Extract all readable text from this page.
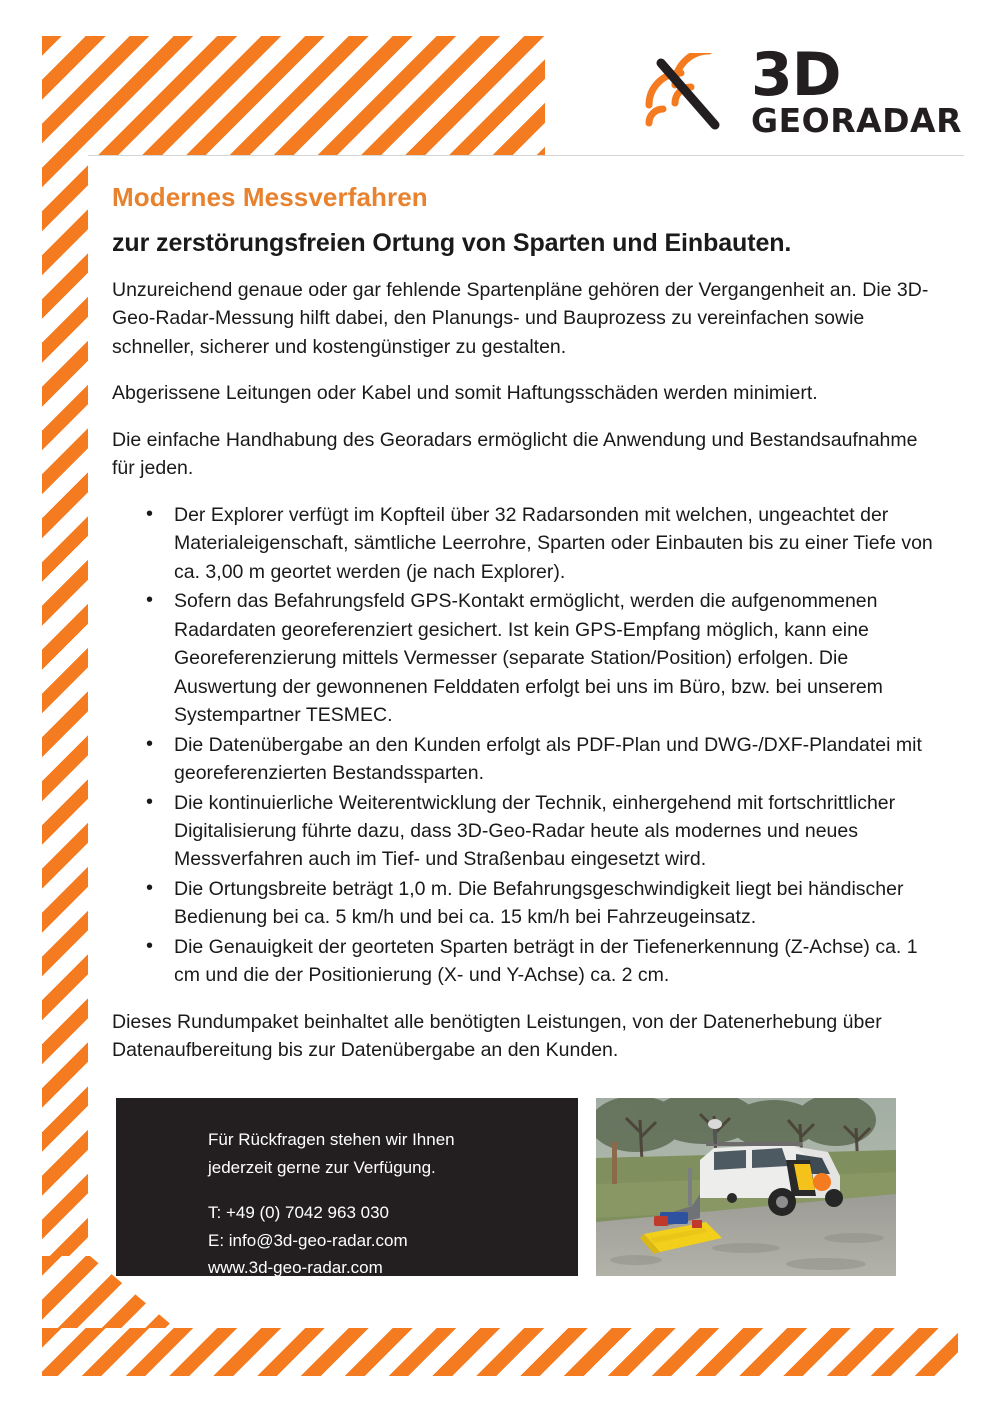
3D
GEORADAR
Modernes Messverfahren
zur zerstörungsfreien Ortung von Sparten und Einbauten.

Unzureichend genaue oder gar fehlende Spartenpläne gehören der Vergangenheit an. Die 3D-Geo-Radar-Messung hilft dabei, den Planungs- und Bauprozess zu vereinfachen sowie schneller, sicherer und kostengünstiger zu gestalten.

Abgerissene Leitungen oder Kabel und somit Haftungsschäden werden minimiert.

Die einfache Handhabung des Georadars ermöglicht die Anwendung und Bestandsaufnahme für jeden.

• Der Explorer verfügt im Kopfteil über 32 Radarsonden mit welchen, ungeachtet der Materialeigenschaft, sämtliche Leerrohre, Sparten oder Einbauten bis zu einer Tiefe von ca. 3,00 m geortet werden (je nach Explorer).
• Sofern das Befahrungsfeld GPS-Kontakt ermöglicht, werden die aufgenommenen Radardaten georeferenziert gesichert. Ist kein GPS-Empfang möglich, kann eine Georeferenzierung mittels Vermesser (separate Station/Position) erfolgen. Die Auswertung der gewonnenen Felddaten erfolgt bei uns im Büro, bzw. bei unserem Systempartner TESMEC.
• Die Datenübergabe an den Kunden erfolgt als PDF-Plan und DWG-/DXF-Plandatei mit georeferenzierten Bestandssparten.
• Die kontinuierliche Weiterentwicklung der Technik, einhergehend mit fortschrittlicher Digitalisierung führte dazu, dass 3D-Geo-Radar heute als modernes und neues Messverfahren auch im Tief- und Straßenbau eingesetzt wird.
• Die Ortungsbreite beträgt 1,0 m. Die Befahrungsgeschwindigkeit liegt bei händischer Bedienung bei ca. 5 km/h und bei ca. 15 km/h bei Fahrzeugeinsatz.
• Die Genauigkeit der georteten Sparten beträgt in der Tiefenerkennung (Z-Achse) ca. 1 cm und die der Positionierung (X- und Y-Achse) ca. 2 cm.

Dieses Rundumpaket beinhaltet alle benötigten Leistungen, von der Datenerhebung über Datenaufbereitung bis zur Datenübergabe an den Kunden.

Für Rückfragen stehen wir Ihnen
jederzeit gerne zur Verfügung.
T: +49 (0) 7042 963 030
E: info@3d-geo-radar.com
www.3d-geo-radar.com
